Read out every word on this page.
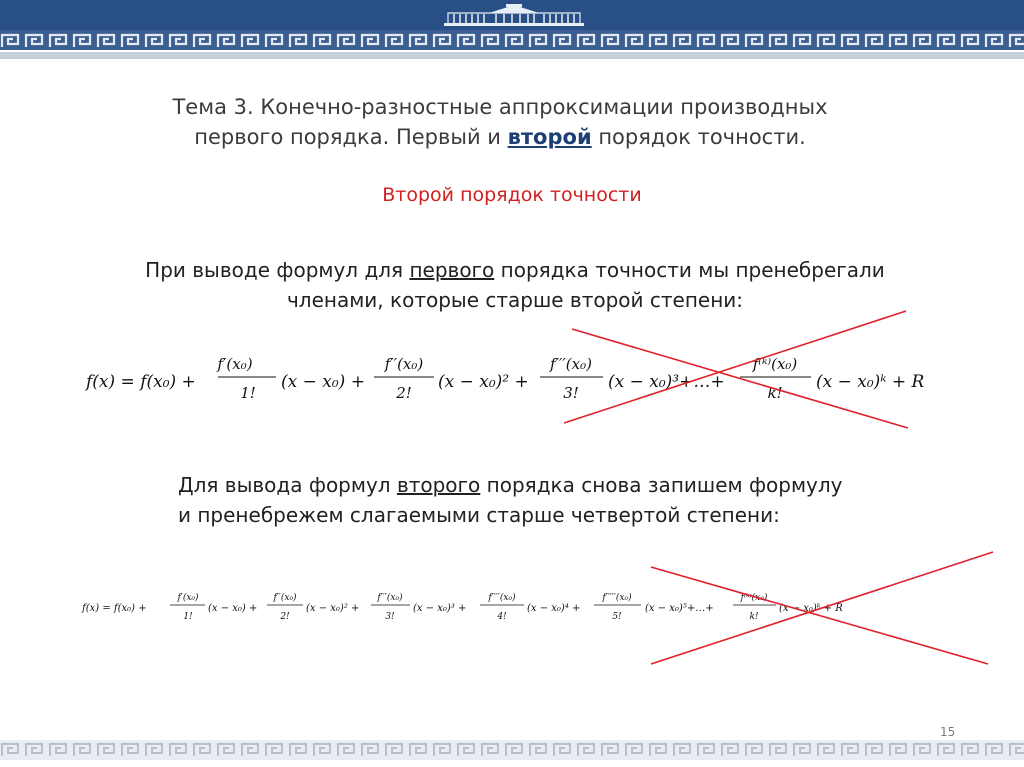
Тема 3. Конечно-разностные аппроксимации производных
первого порядка. Первый и второй порядок точности.
Второй порядок точности
При выводе формул для первого порядка точности мы пренебрегали
членами, которые старше второй степени:
f(x) = f(x₀) +
f′(x₀)
1!
(x − x₀) +
f′′(x₀)
2!
(x − x₀)² +
f′′′(x₀)
3!
(x − x₀)³+…+
f⁽ᵏ⁾(x₀)
k!
(x − x₀)ᵏ + R
Для вывода формул второго порядка снова запишем формулу
и пренебрежем слагаемыми старше четвертой степени:
f(x) = f(x₀) +
f′(x₀)
1!
(x − x₀) +
f′′(x₀)
2!
(x − x₀)² +
f′′′(x₀)
3!
(x − x₀)³ +
f′′′′(x₀)
4!
(x − x₀)⁴ +
f′′′′′(x₀)
5!
(x − x₀)⁵+…+
f⁽ᵏ⁾(x₀)
k!
(x − x₀)ᵏ + R
15
